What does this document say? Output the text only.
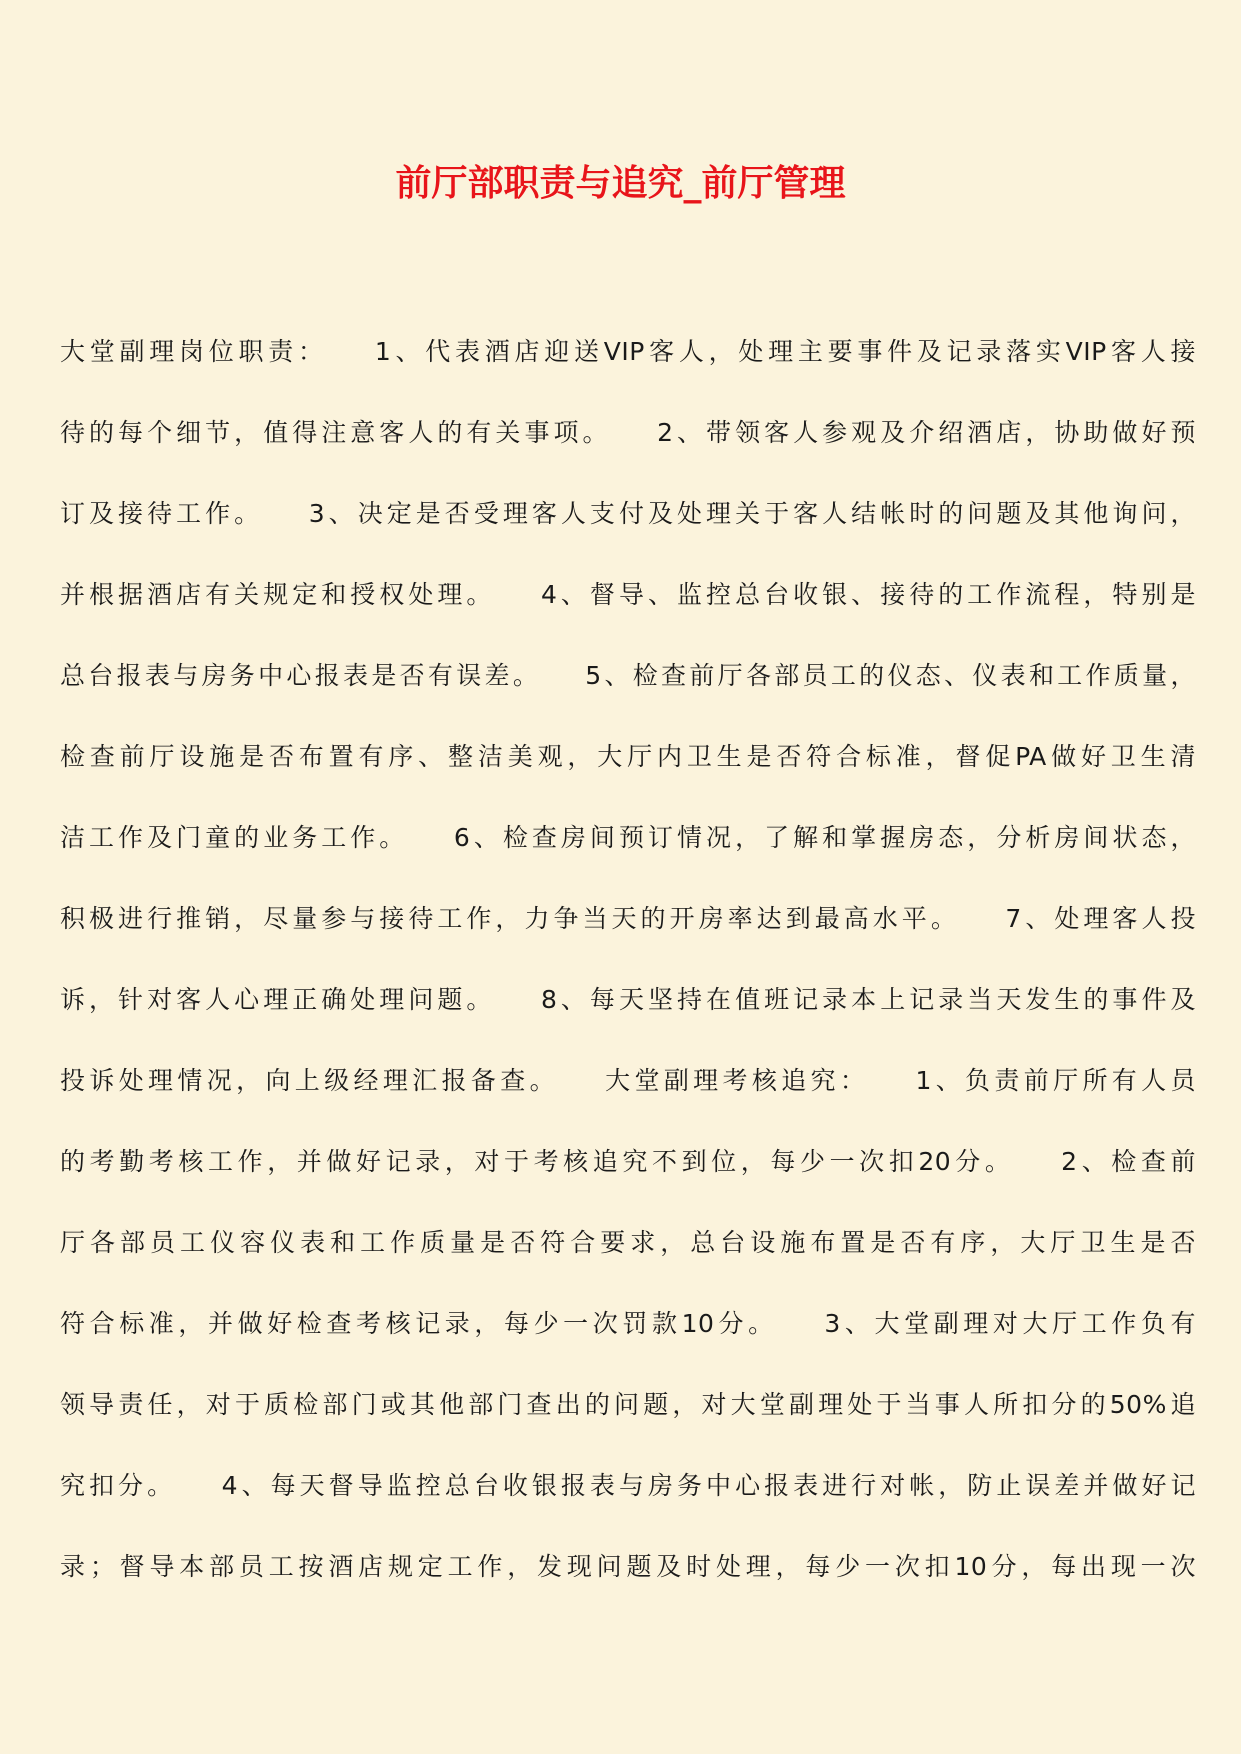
前厅部职责与追究_前厅管理
大堂副理岗位职责：　　1、代表酒店迎送VIP客人，处理主要事件及记录落实VIP客人接
待的每个细节，值得注意客人的有关事项。　　2、带领客人参观及介绍酒店，协助做好预
订及接待工作。　　3、决定是否受理客人支付及处理关于客人结帐时的问题及其他询问，
并根据酒店有关规定和授权处理。　　4、督导、监控总台收银、接待的工作流程，特别是
总台报表与房务中心报表是否有误差。　　5、检查前厅各部员工的仪态、仪表和工作质量，
检查前厅设施是否布置有序、整洁美观，大厅内卫生是否符合标准，督促PA做好卫生清
洁工作及门童的业务工作。　　6、检查房间预订情况，了解和掌握房态，分析房间状态，
积极进行推销，尽量参与接待工作，力争当天的开房率达到最高水平。　　7、处理客人投
诉，针对客人心理正确处理问题。　　8、每天坚持在值班记录本上记录当天发生的事件及
投诉处理情况，向上级经理汇报备查。　　大堂副理考核追究：　　1、负责前厅所有人员
的考勤考核工作，并做好记录，对于考核追究不到位，每少一次扣20分。　　2、检查前
厅各部员工仪容仪表和工作质量是否符合要求，总台设施布置是否有序，大厅卫生是否
符合标准，并做好检查考核记录，每少一次罚款10分。　　3、大堂副理对大厅工作负有
领导责任，对于质检部门或其他部门查出的问题，对大堂副理处于当事人所扣分的50%追
究扣分。　　4、每天督导监控总台收银报表与房务中心报表进行对帐，防止误差并做好记
录；督导本部员工按酒店规定工作，发现问题及时处理，每少一次扣10分，每出现一次
